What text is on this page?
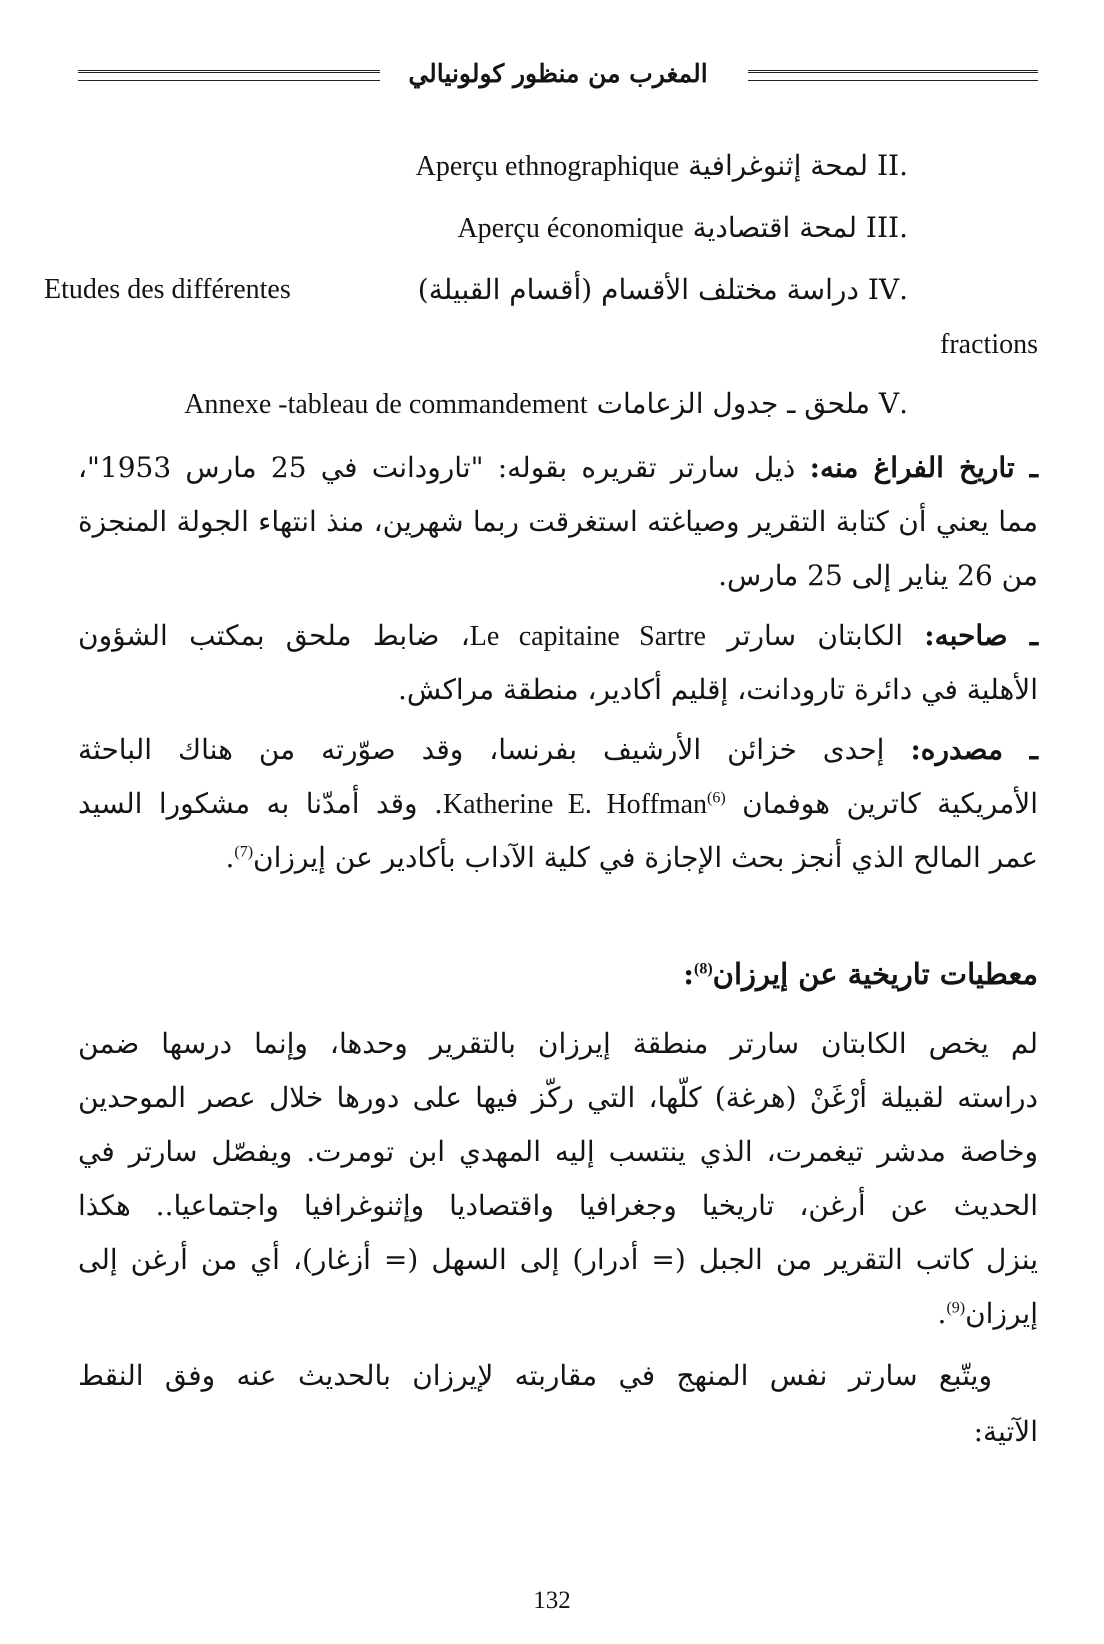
المغرب من منظور كولونيالي
.II لمحة إثنوغرافية Aperçu ethnographique
.III لمحة اقتصادية Aperçu économique
.IV دراسة مختلف الأقسام (أقسام القبيلة)
Etudes des différentes
fractions
.V ملحق ـ جدول الزعامات Annexe -tableau de commandement
ـ تاريخ الفراغ منه: ذيل سارتر تقريره بقوله: "تارودانت في 25 مارس 1953"،
مما يعني أن كتابة التقرير وصياغته استغرقت ربما شهرين، منذ انتهاء الجولة المنجزة
من 26 يناير إلى 25 مارس.
ـ صاحبه: الكابتان سارتر Le capitaine Sartre، ضابط ملحق بمكتب الشؤون
الأهلية في دائرة تارودانت، إقليم أكادير، منطقة مراكش.
ـ مصدره: إحدى خزائن الأرشيف بفرنسا، وقد صوّرته من هناك الباحثة
الأمريكية كاترين هوفمان Katherine E. Hoffman$^{(6)}$. وقد أمدّنا به مشكورا السيد
عمر المالح الذي أنجز بحث الإجازة في كلية الآداب بأكادير عن إيرزان$^{(7)}$.
معطيات تاريخية عن إيرزان$^{(8)}$:
لم يخص الكابتان سارتر منطقة إيرزان بالتقرير وحدها، وإنما درسها ضمن
دراسته لقبيلة أرْغَنْ (هرغة) كلّها، التي ركّز فيها على دورها خلال عصر الموحدين
وخاصة مدشر تيغمرت، الذي ينتسب إليه المهدي ابن تومرت. ويفصّل سارتر في
الحديث عن أرغن، تاريخيا وجغرافيا واقتصاديا وإثنوغرافيا واجتماعيا.. هكذا
ينزل كاتب التقرير من الجبل (= أدرار) إلى السهل (= أزغار)، أي من أرغن إلى
إيرزان$^{(9)}$.
ويتّبع سارتر نفس المنهج في مقاربته لإيرزان بالحديث عنه وفق النقط
الآتية:
132
